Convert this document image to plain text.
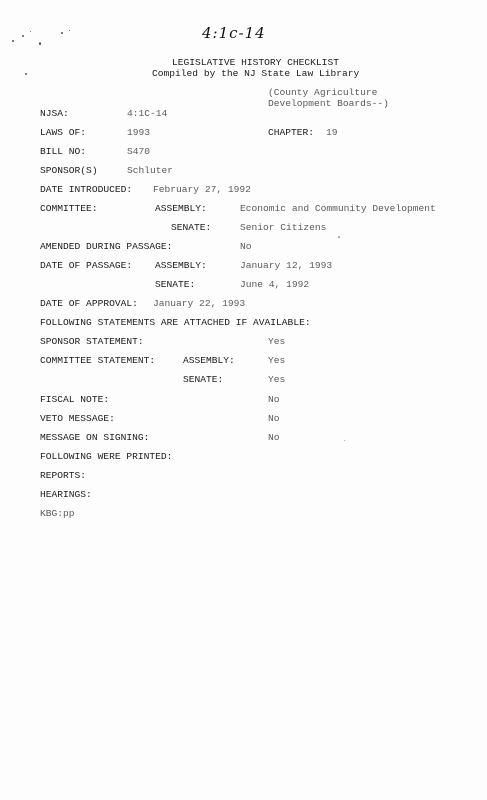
4:1c-14
LEGISLATIVE HISTORY CHECKLIST
Compiled by the NJ State Law Library
(County Agriculture
Development Boards--)
NJSA:	4:1C-14
LAWS OF:	1993	CHAPTER: 19
BILL NO:	S470
SPONSOR(S)	Schluter
DATE INTRODUCED: February 27, 1992
COMMITTEE:	ASSEMBLY:	Economic and Community Development
SENATE:	Senior Citizens
AMENDED DURING PASSAGE:	No
DATE OF PASSAGE: ASSEMBLY:	January 12, 1993
SENATE:	June 4, 1992
DATE OF APPROVAL: January 22, 1993
FOLLOWING STATEMENTS ARE ATTACHED IF AVAILABLE:
SPONSOR STATEMENT:	Yes
COMMITTEE STATEMENT:	ASSEMBLY:	Yes
SENATE:	Yes
FISCAL NOTE:	No
VETO MESSAGE:	No
MESSAGE ON SIGNING:	No
FOLLOWING WERE PRINTED:
REPORTS:
HEARINGS:
KBG:pp
